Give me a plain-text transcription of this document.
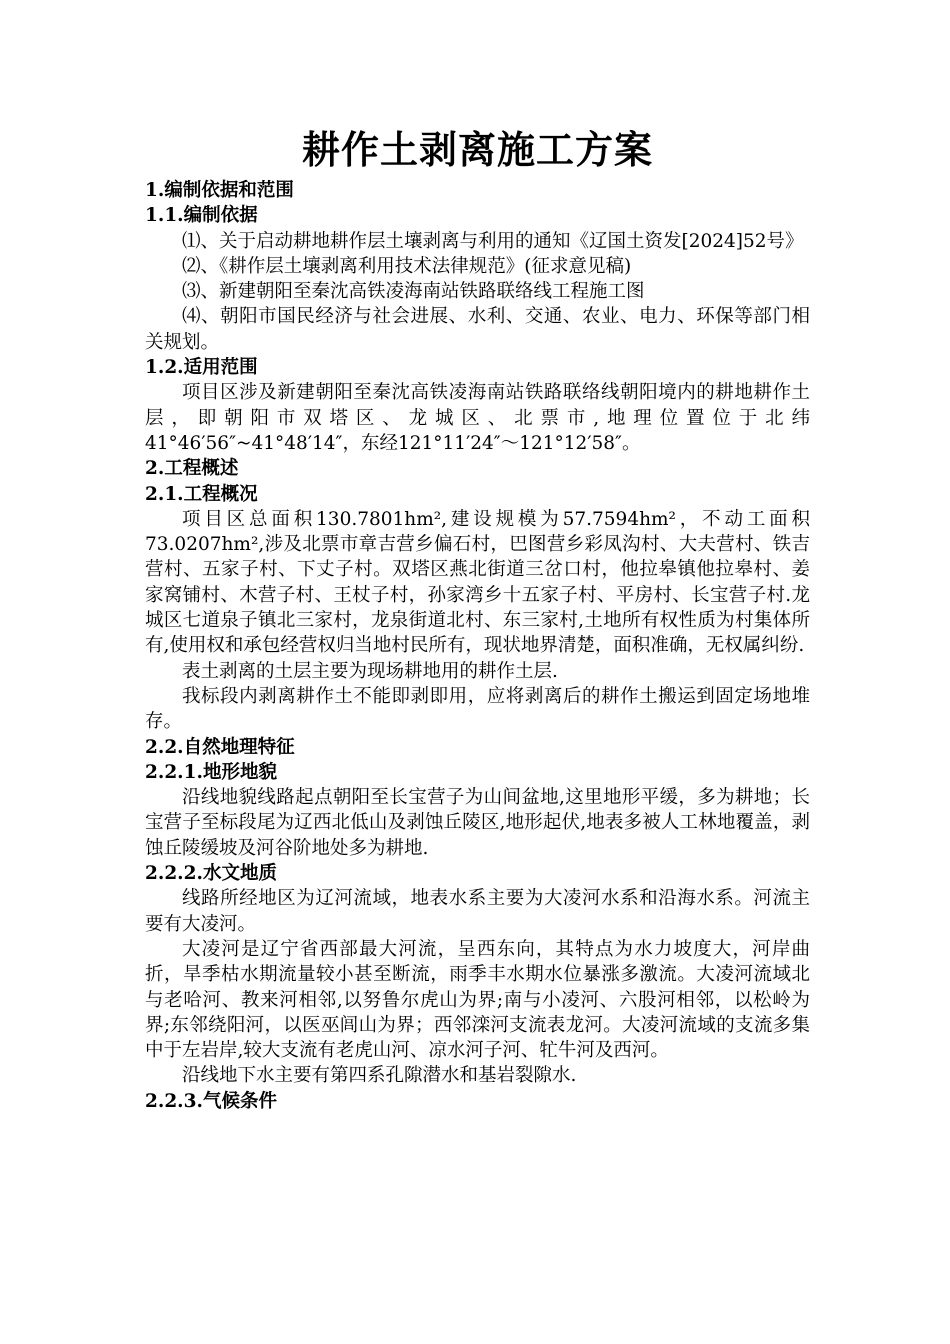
耕作土剥离施工方案
1.编制依据和范围
1.1.编制依据
⑴、关于启动耕地耕作层土壤剥离与利用的通知《辽国土资发[2024]52号》
⑵、《耕作层土壤剥离利用技术法律规范》(征求意见稿)
⑶、新建朝阳至秦沈高铁凌海南站铁路联络线工程施工图
⑷、朝阳市国民经济与社会进展、水利、交通、农业、电力、环保等部门相关规划。
1.2.适用范围
项目区涉及新建朝阳至秦沈高铁凌海南站铁路联络线朝阳境内的耕地耕作土层，即朝阳市双塔区、龙城区、北票市,地理位置位于北纬41°46′56″~41°48′14″，东经121°11′24″～121°12′58″。
2.工程概述
2.1.工程概况
项目区总面积130.7801hm²,建设规模为57.7594hm²，不动工面积73.0207hm²,涉及北票市章吉营乡偏石村，巴图营乡彩凤沟村、大夫营村、铁吉营村、五家子村、下丈子村。双塔区燕北街道三岔口村，他拉皋镇他拉皋村、姜家窝铺村、木营子村、王杖子村，孙家湾乡十五家子村、平房村、长宝营子村.龙城区七道泉子镇北三家村，龙泉街道北村、东三家村,土地所有权性质为村集体所有,使用权和承包经营权归当地村民所有，现状地界清楚，面积准确，无权属纠纷.
表土剥离的土层主要为现场耕地用的耕作土层.
我标段内剥离耕作土不能即剥即用，应将剥离后的耕作土搬运到固定场地堆存。
2.2.自然地理特征
2.2.1.地形地貌
沿线地貌线路起点朝阳至长宝营子为山间盆地,这里地形平缓，多为耕地；长宝营子至标段尾为辽西北低山及剥蚀丘陵区,地形起伏,地表多被人工林地覆盖，剥蚀丘陵缓坡及河谷阶地处多为耕地.
2.2.2.水文地质
线路所经地区为辽河流域，地表水系主要为大凌河水系和沿海水系。河流主要有大凌河。
大凌河是辽宁省西部最大河流，呈西东向，其特点为水力坡度大，河岸曲折，旱季枯水期流量较小甚至断流，雨季丰水期水位暴涨多激流。大凌河流域北与老哈河、教来河相邻,以努鲁尔虎山为界;南与小凌河、六股河相邻，以松岭为界;东邻绕阳河，以医巫闾山为界；西邻滦河支流表龙河。大凌河流域的支流多集中于左岩岸,较大支流有老虎山河、凉水河子河、牤牛河及西河。
沿线地下水主要有第四系孔隙潜水和基岩裂隙水.
2.2.3.气候条件
